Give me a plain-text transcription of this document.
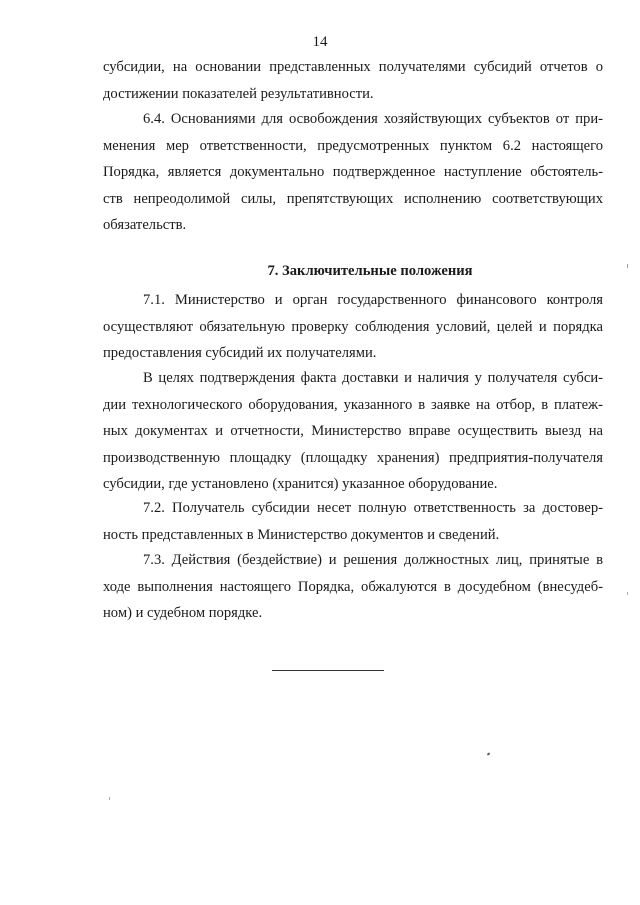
14
субсидии, на основании представленных получателями субсидий отчетов о
достижении показателей результативности.
6.4. Основаниями для освобождения хозяйствующих субъектов от при-
менения мер ответственности, предусмотренных пунктом 6.2 настоящего
Порядка, является документально подтвержденное наступление обстоятель-
ств непреодолимой силы, препятствующих исполнению соответствующих
обязательств.
7. Заключительные положения
7.1. Министерство и орган государственного финансового контроля
осуществляют обязательную проверку соблюдения условий, целей и порядка
предоставления субсидий их получателями.
В целях подтверждения факта доставки и наличия у получателя субси-
дии технологического оборудования, указанного в заявке на отбор, в платеж-
ных документах и отчетности, Министерство вправе осуществить выезд на
производственную площадку (площадку хранения) предприятия-получателя
субсидии, где установлено (хранится) указанное оборудование.
7.2. Получатель субсидии несет полную ответственность за достовер-
ность представленных в Министерство документов и сведений.
7.3. Действия (бездействие) и решения должностных лиц, принятые в
ходе выполнения настоящего Порядка, обжалуются в досудебном (внесудеб-
ном) и судебном порядке.
